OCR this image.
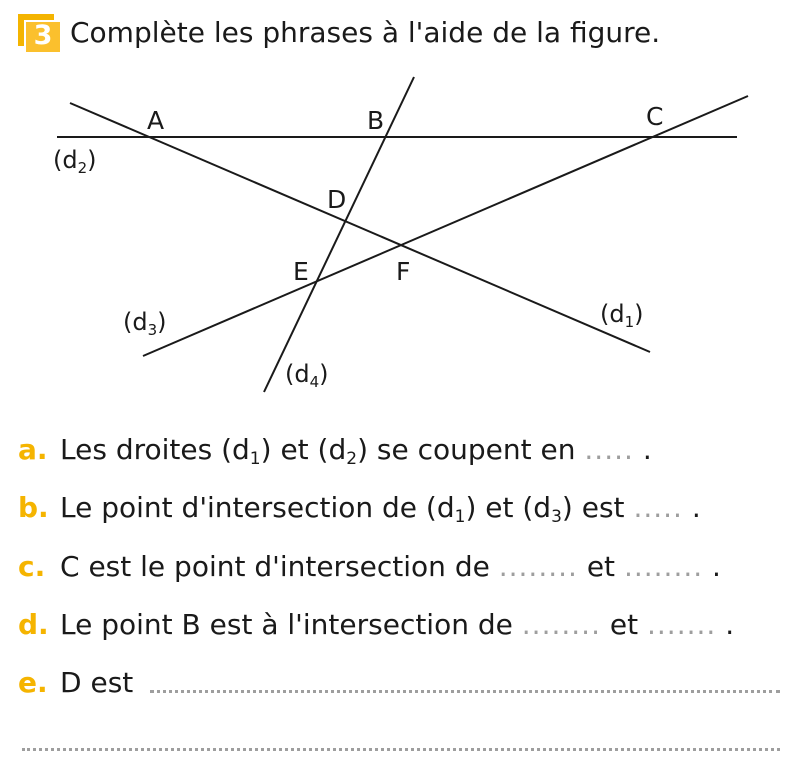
3 Complète les phrases à l'aide de la figure.
A	B	C
D
E	F
$(d_2)$
$(d_3)$	$(d_1)$
$(d_4)$
a. Les droites $(d_1)$ et $(d_2)$ se coupent en ..... .
b. Le point d'intersection de $(d_1)$ et $(d_3)$ est ..... .
c. C est le point d'intersection de ........ et ........ .
d. Le point B est à l'intersection de ........ et ....... .
e. D est
